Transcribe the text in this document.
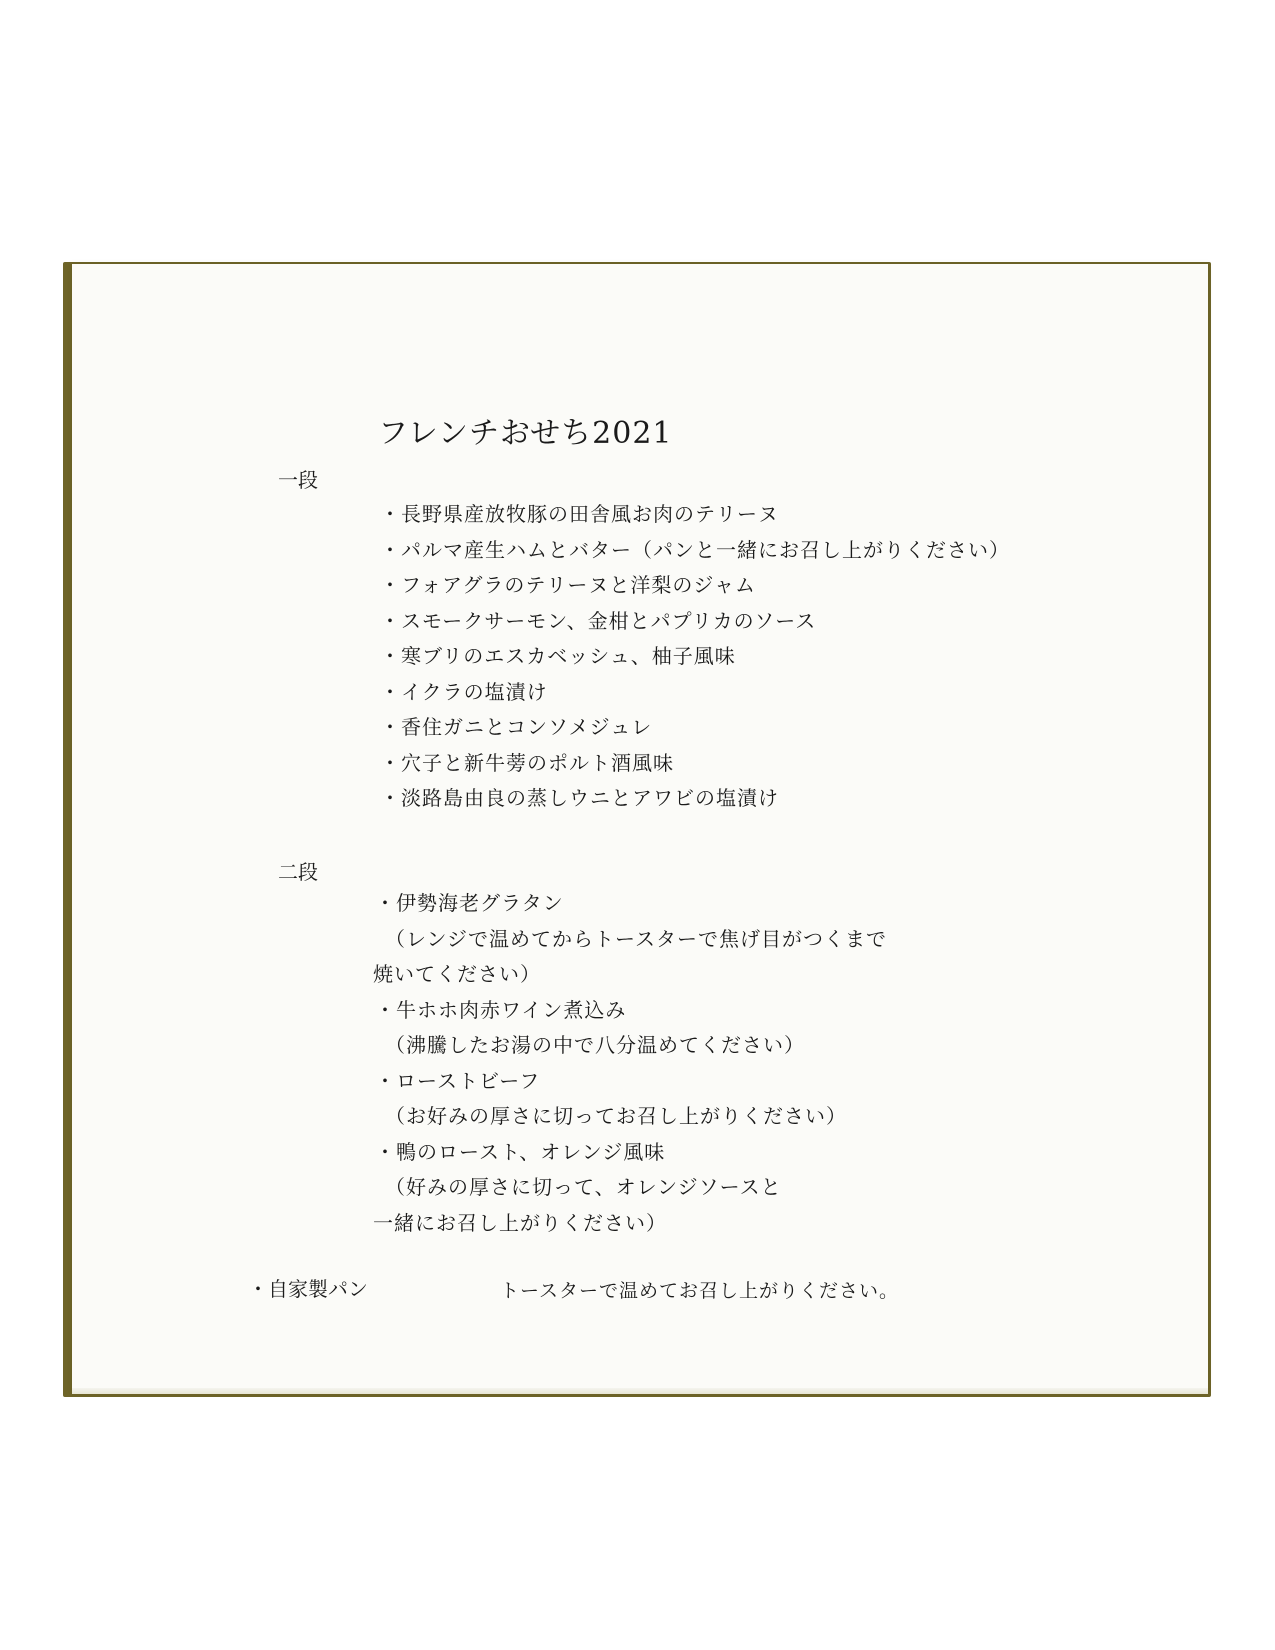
フレンチおせち2021
一段
・ 長野県産放牧豚の田舎風お肉のテリーヌ
・ パルマ産生ハムとバター（パンと一緒にお召し上がりください）
・ フォアグラのテリーヌと洋梨のジャム
・ スモークサーモン、金柑とパプリカのソース
・ 寒ブリのエスカベッシュ、柚子風味
・ イクラの塩漬け
・ 香住ガニとコンソメジュレ
・ 穴子と新牛蒡のポルト酒風味
・ 淡路島由良の蒸しウニとアワビの塩漬け
二段
・ 伊勢海老グラタン
（レンジで温めてからトースターで焦げ目がつくまで
焼いてください）
・ 牛ホホ肉赤ワイン煮込み
（沸騰したお湯の中で八分温めてください）
・ ローストビーフ
（お好みの厚さに切ってお召し上がりください）
・ 鴨のロースト、オレンジ風味
（好みの厚さに切って、オレンジソースと
一緒にお召し上がりください）
・ 自家製パン	トースターで温めてお召し上がりください。
